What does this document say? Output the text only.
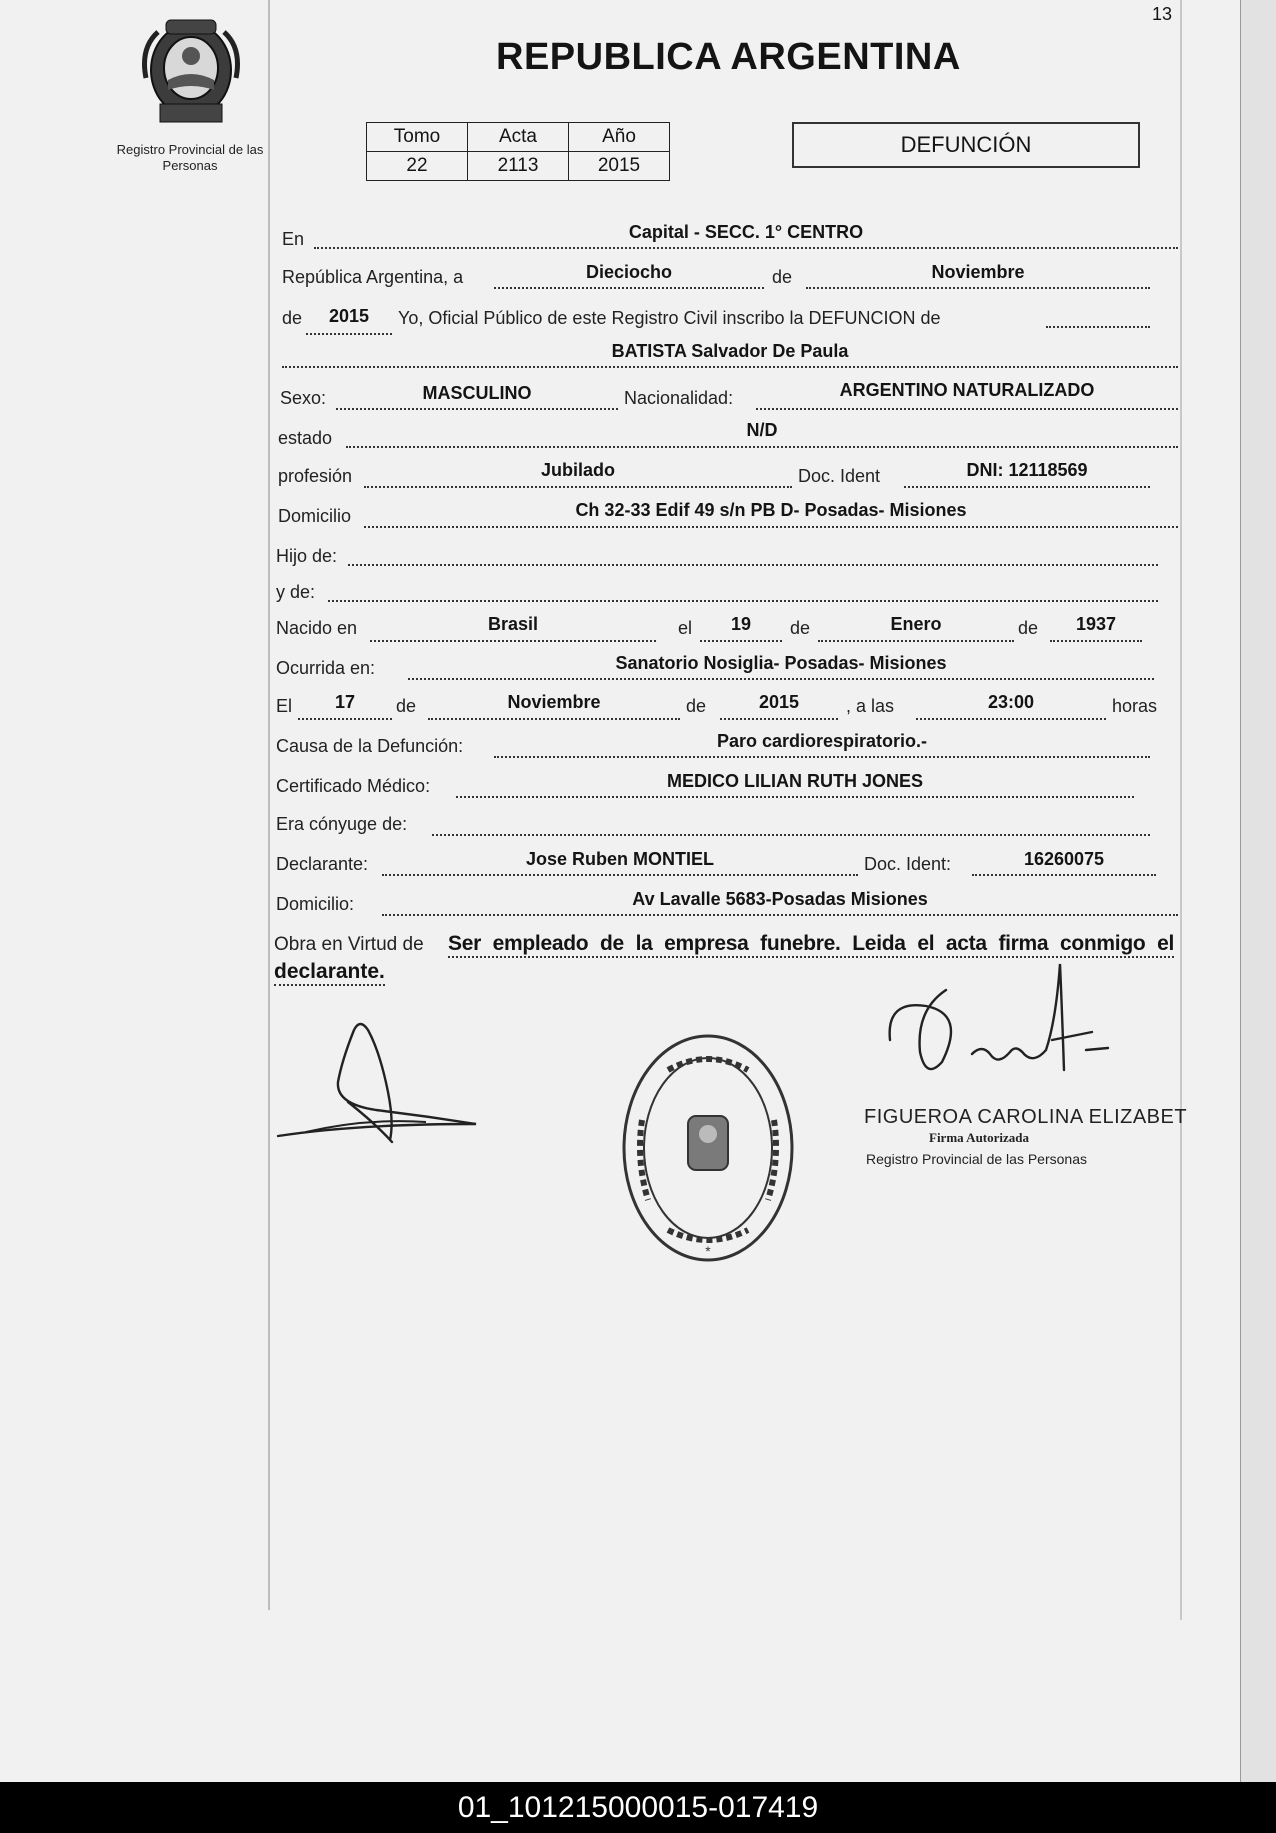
13
Registro Provincial de las Personas
REPUBLICA ARGENTINA
Tomo	Acta	Año
22	2113	2015
DEFUNCIÓN
En	Capital - SECC. 1° CENTRO
República Argentina, a	Dieciocho	de	Noviembre
de	2015	Yo, Oficial Público de este Registro Civil inscribo la DEFUNCION de
BATISTA Salvador De Paula
Sexo:	MASCULINO	Nacionalidad:	ARGENTINO NATURALIZADO
estado	N/D
profesión	Jubilado	Doc. Ident	DNI: 12118569
Domicilio	Ch 32-33 Edif 49 s/n PB D- Posadas- Misiones
Hijo de:
y de:
Nacido en	Brasil	el	19	de	Enero	de	1937
Ocurrida en:	Sanatorio Nosiglia- Posadas- Misiones
El	17	de	Noviembre	de	2015	, a las	23:00	horas
Causa de la Defunción:	Paro cardiorespiratorio.-
Certificado Médico:	MEDICO LILIAN RUTH JONES
Era cónyuge de:
Declarante:	Jose Ruben MONTIEL	Doc. Ident:	16260075
Domicilio:	Av Lavalle 5683-Posadas Misiones
Obra en Virtud de Ser empleado de la empresa funebre. Leida el acta firma conmigo el
declarante.
*
FIGUEROA CAROLINA ELIZABET
Firma Autorizada
Registro Provincial de las Personas
01_101215000015-017419
